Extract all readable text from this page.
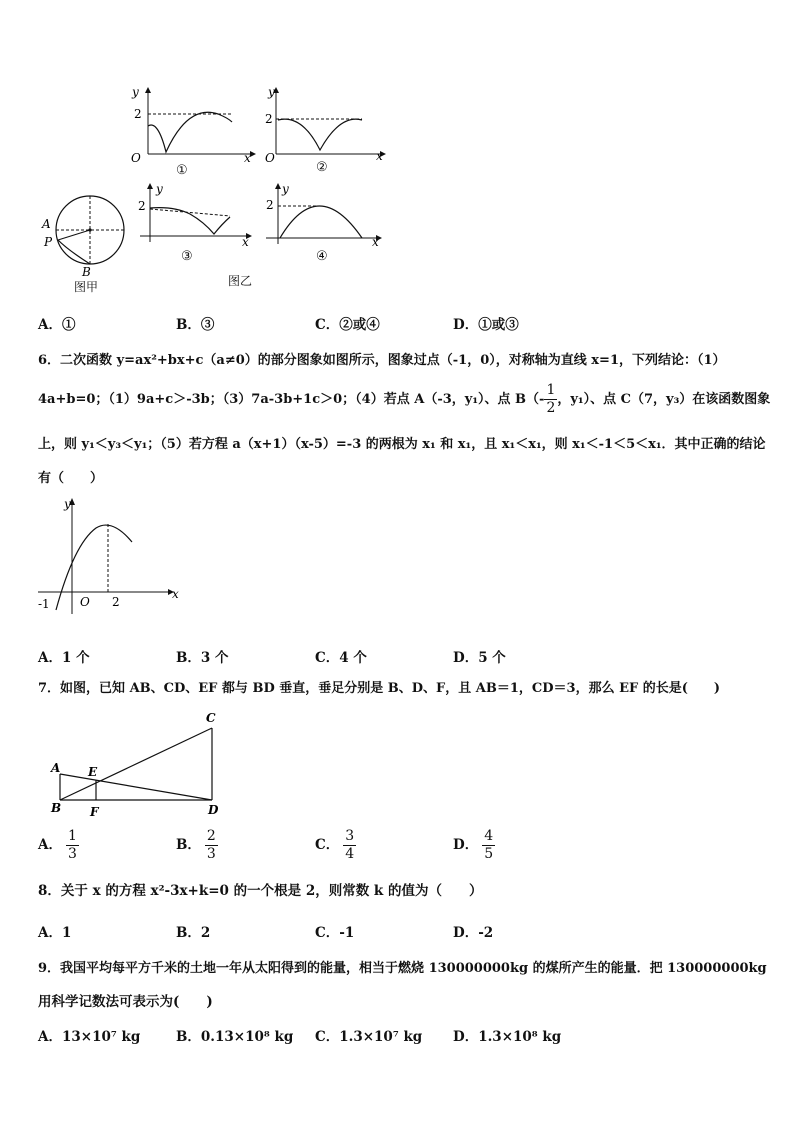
y
2
O	x
①
y
2
O	x
②
A
P
B
图甲
y
2
x
③
图乙
y
2
x
④
A．①	B．③	C．②或④	D．①或③
6．二次函数 y=ax²+bx+c（a≠0）的部分图象如图所示，图象过点（-1，0），对称轴为直线 x=1，下列结论：（1）
4a+b=0；（1）9a+c＞-3b；（3）7a-3b+1c＞0；（4）若点 A（-3，y₁）、点 $B(- \frac{1}{2}$ ，y₁）、点 C（7，y₃）在该函数图象
上，则 y₁＜y₃＜y₁；（5）若方程 a（x+1）（x-5）=-3 的两根为 x₁ 和 x₁，且 x₁＜x₁，则 x₁＜-1＜5＜x₁．其中正确的结论
有（　　）
y
x
O
-1	2
A．1 个	B．3 个	C．4 个	D．5 个
7．如图，已知 AB、CD、EF 都与 BD 垂直，垂足分别是 B、D、F，且 AB＝1，CD＝3，那么 EF 的长是(　　)
A
B
C
D
E
F
A． $\frac{1}{3}$	B． $\frac{2}{3}$	C． $\frac{3}{4}$	D． $\frac{4}{5}$
8．关于 x 的方程 x²-3x+k=0 的一个根是 2，则常数 k 的值为（　　）
A．1	B．2	C．-1	D．-2
9．我国平均每平方千米的土地一年从太阳得到的能量，相当于燃烧 130000000kg 的煤所产生的能量．把 130000000kg
用科学记数法可表示为(　　)
A．13×10⁷ kg	B．0.13×10⁸ kg C．1.3×10⁷ kg D．1.3×10⁸ kg
